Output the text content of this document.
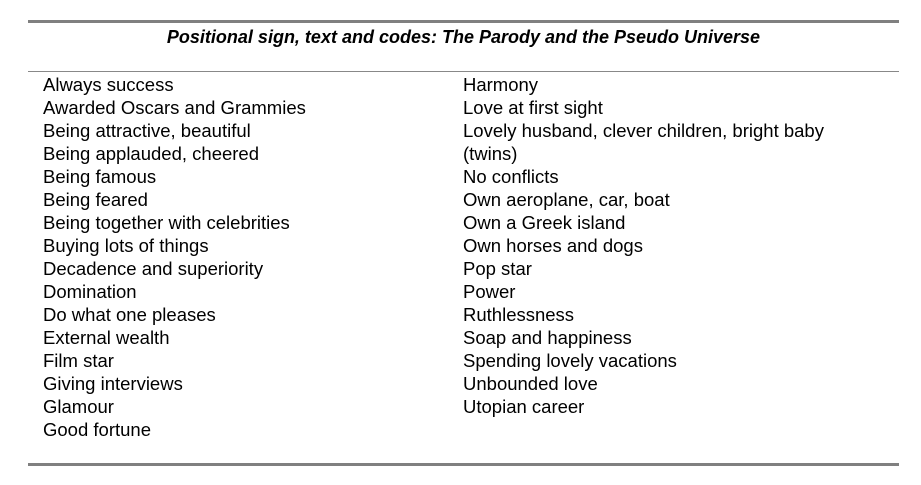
Positional sign, text and codes: The Parody and the Pseudo Universe
Always success
Awarded Oscars and Grammies
Being attractive, beautiful
Being applauded, cheered
Being famous
Being feared
Being together with celebrities
Buying lots of things
Decadence and superiority
Domination
Do what one pleases
External wealth
Film star
Giving interviews
Glamour
Good fortune
Harmony
Love at first sight
Lovely husband, clever children, bright baby
(twins)
No conflicts
Own aeroplane, car, boat
Own a Greek island
Own horses and dogs
Pop star
Power
Ruthlessness
Soap and happiness
Spending lovely vacations
Unbounded love
Utopian career
